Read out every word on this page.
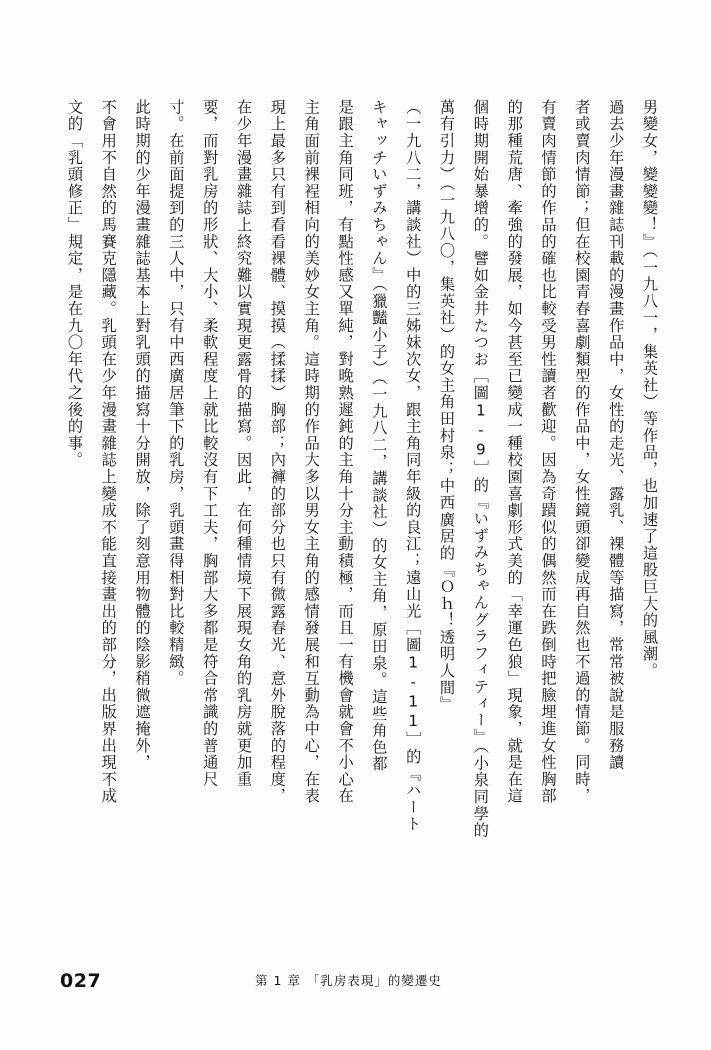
男變女，變變變！』（一九八一，集英社）等作品，也加速了這股巨大的風潮。
過去少年漫畫雜誌刊載的漫畫作品中，女性的走光、露乳、裸體等描寫，常常被說是服務讀
者或賣肉情節；但在校園青春喜劇類型的作品中，女性鏡頭卻變成再自然也不過的情節。同時，
有賣肉情節的作品的確也比較受男性讀者歡迎。因為奇蹟似的偶然而在跌倒時把臉埋進女性胸部
的那種荒唐、牽強的發展，如今甚至已變成一種校園喜劇形式美的「幸運色狼」現象，就是在這
個時期開始暴增的。譬如金井たつお［圖1-9］的『いずみちゃんグラフィティー』（小泉同學的
萬有引力）（一九八〇，集英社）的女主角田村泉；中西廣居的『Ｏｈ！透明人間』
（一九八二，講談社）中的三姊妹次女，跟主角同年級的良江；遠山光［圖1-11］的『ハート
キャッチいずみちゃん』（獵豔小子）（一九八二，講談社）的女主角，原田泉。這些角色都
是跟主角同班，有點性感又單純，對晚熟遲鈍的主角十分主動積極，而且一有機會就會不小心在
主角面前裸裎相向的美妙女主角。這時期的作品大多以男女主角的感情發展和互動為中心，在表
現上最多只有到看看裸體、摸摸（揉揉）胸部；內褲的部分也只有微露春光、意外脫落的程度，
在少年漫畫雜誌上終究難以實現更露骨的描寫。因此，在何種情境下展現女角的乳房就更加重
要，而對乳房的形狀、大小、柔軟程度上就比較沒有下工夫，胸部大多都是符合常識的普通尺
寸。在前面提到的三人中，只有中西廣居筆下的乳房，乳頭畫得相對比較精緻。
此時期的少年漫畫雜誌基本上對乳頭的描寫十分開放，除了刻意用物體的陰影稍微遮掩外，
不會用不自然的馬賽克隱藏。乳頭在少年漫畫雜誌上變成不能直接畫出的部分，出版界出現不成
文的「乳頭修正」規定，是在九〇年代之後的事。
027	第 1 章 「乳房表現」的變遷史
